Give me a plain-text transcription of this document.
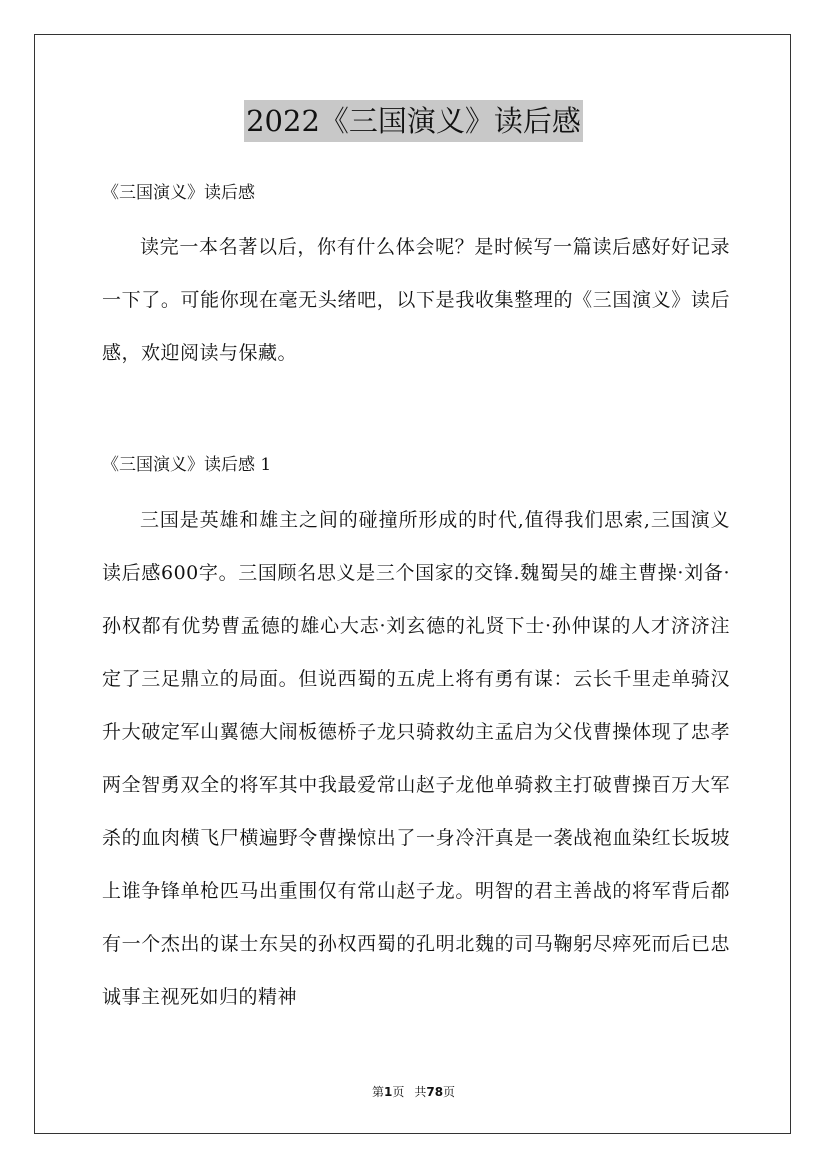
2022《三国演义》读后感

《三国演义》读后感

读完一本名著以后，你有什么体会呢？是时候写一篇读后感好好记录一下了。可能你现在毫无头绪吧，以下是我收集整理的《三国演义》读后感，欢迎阅读与保藏。

《三国演义》读后感 1

三国是英雄和雄主之间的碰撞所形成的时代,值得我们思索,三国演义读后感600字。三国顾名思义是三个国家的交锋.魏蜀吴的雄主曹操·刘备·孙权都有优势曹孟德的雄心大志·刘玄德的礼贤下士·孙仲谋的人才济济注定了三足鼎立的局面。但说西蜀的五虎上将有勇有谋：云长千里走单骑汉升大破定军山翼德大闹板德桥子龙只骑救幼主孟启为父伐曹操体现了忠孝两全智勇双全的将军其中我最爱常山赵子龙他单骑救主打破曹操百万大军杀的血肉横飞尸横遍野令曹操惊出了一身冷汗真是一袭战袍血染红长坂坡上谁争锋单枪匹马出重围仅有常山赵子龙。明智的君主善战的将军背后都有一个杰出的谋士东吴的孙权西蜀的孔明北魏的司马鞠躬尽瘁死而后已忠诚事主视死如归的精神

第1页 共78页
